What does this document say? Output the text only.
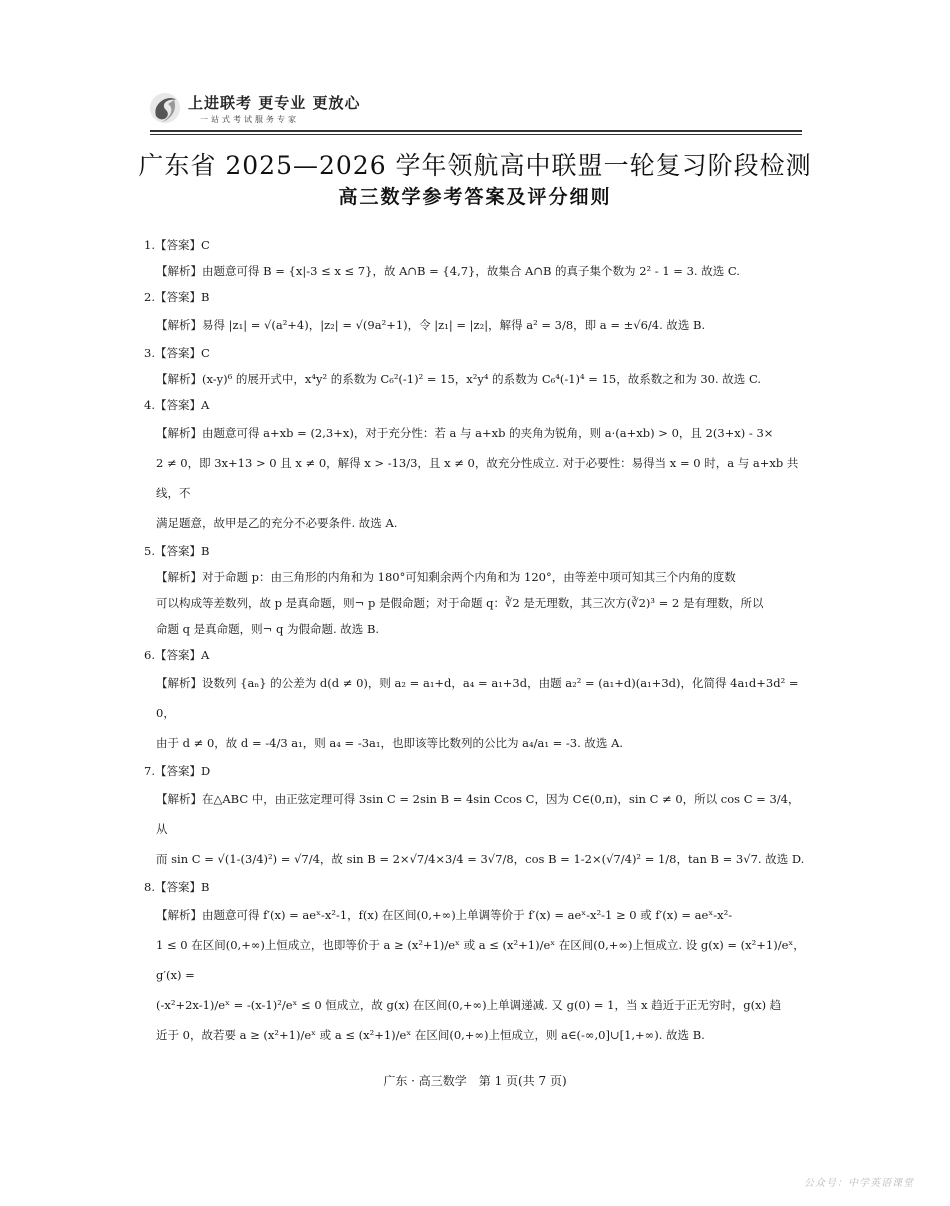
上进联考 更专业 更放心
一站式考试服务专家
广东省 2025—2026 学年领航高中联盟一轮复习阶段检测
高三数学参考答案及评分细则
1.【答案】C
【解析】由题意可得 B = {x|-3 ≤ x ≤ 7}，故 A∩B = {4,7}，故集合 A∩B 的真子集个数为 2² - 1 = 3. 故选 C.
2.【答案】B
【解析】易得 |z₁| = √(a²+4)，|z₂| = √(9a²+1)，令 |z₁| = |z₂|，解得 a² = 3/8，即 a = ±√6/4. 故选 B.
3.【答案】C
【解析】(x-y)⁶ 的展开式中，x⁴y² 的系数为 C₆²(-1)² = 15，x²y⁴ 的系数为 C₆⁴(-1)⁴ = 15，故系数之和为 30. 故选 C.
4.【答案】A
【解析】由题意可得 a+xb = (2,3+x)，对于充分性：若 a 与 a+xb 的夹角为锐角，则 a·(a+xb) > 0，且 2(3+x) - 3×
2 ≠ 0，即 3x+13 > 0 且 x ≠ 0，解得 x > -13/3，且 x ≠ 0，故充分性成立. 对于必要性：易得当 x = 0 时，a 与 a+xb 共线，不
满足题意，故甲是乙的充分不必要条件. 故选 A.
5.【答案】B
【解析】对于命题 p：由三角形的内角和为 180°可知剩余两个内角和为 120°，由等差中项可知其三个内角的度数
可以构成等差数列，故 p 是真命题，则¬ p 是假命题；对于命题 q：∛2 是无理数，其三次方(∛2)³ = 2 是有理数，所以
命题 q 是真命题，则¬ q 为假命题. 故选 B.
6.【答案】A
【解析】设数列 {aₙ} 的公差为 d(d ≠ 0)，则 a₂ = a₁+d，a₄ = a₁+3d，由题 a₂² = (a₁+d)(a₁+3d)，化简得 4a₁d+3d² = 0，
由于 d ≠ 0，故 d = -4/3 a₁，则 a₄ = -3a₁，也即该等比数列的公比为 a₄/a₁ = -3. 故选 A.
7.【答案】D
【解析】在△ABC 中，由正弦定理可得 3sin C = 2sin B = 4sin Ccos C，因为 C∈(0,π)，sin C ≠ 0，所以 cos C = 3/4，从
而 sin C = √(1-(3/4)²) = √7/4，故 sin B = 2×√7/4×3/4 = 3√7/8，cos B = 1-2×(√7/4)² = 1/8，tan B = 3√7. 故选 D.
8.【答案】B
【解析】由题意可得 f′(x) = aeˣ-x²-1，f(x) 在区间(0,+∞)上单调等价于 f′(x) = aeˣ-x²-1 ≥ 0 或 f′(x) = aeˣ-x²-
1 ≤ 0 在区间(0,+∞)上恒成立，也即等价于 a ≥ (x²+1)/eˣ 或 a ≤ (x²+1)/eˣ 在区间(0,+∞)上恒成立. 设 g(x) = (x²+1)/eˣ，g′(x) =
(-x²+2x-1)/eˣ = -(x-1)²/eˣ ≤ 0 恒成立，故 g(x) 在区间(0,+∞)上单调递减. 又 g(0) = 1，当 x 趋近于正无穷时，g(x) 趋
近于 0，故若要 a ≥ (x²+1)/eˣ 或 a ≤ (x²+1)/eˣ 在区间(0,+∞)上恒成立，则 a∈(-∞,0]∪[1,+∞). 故选 B.
广东 · 高三数学　第 1 页(共 7 页)
公众号：中学英语课堂
